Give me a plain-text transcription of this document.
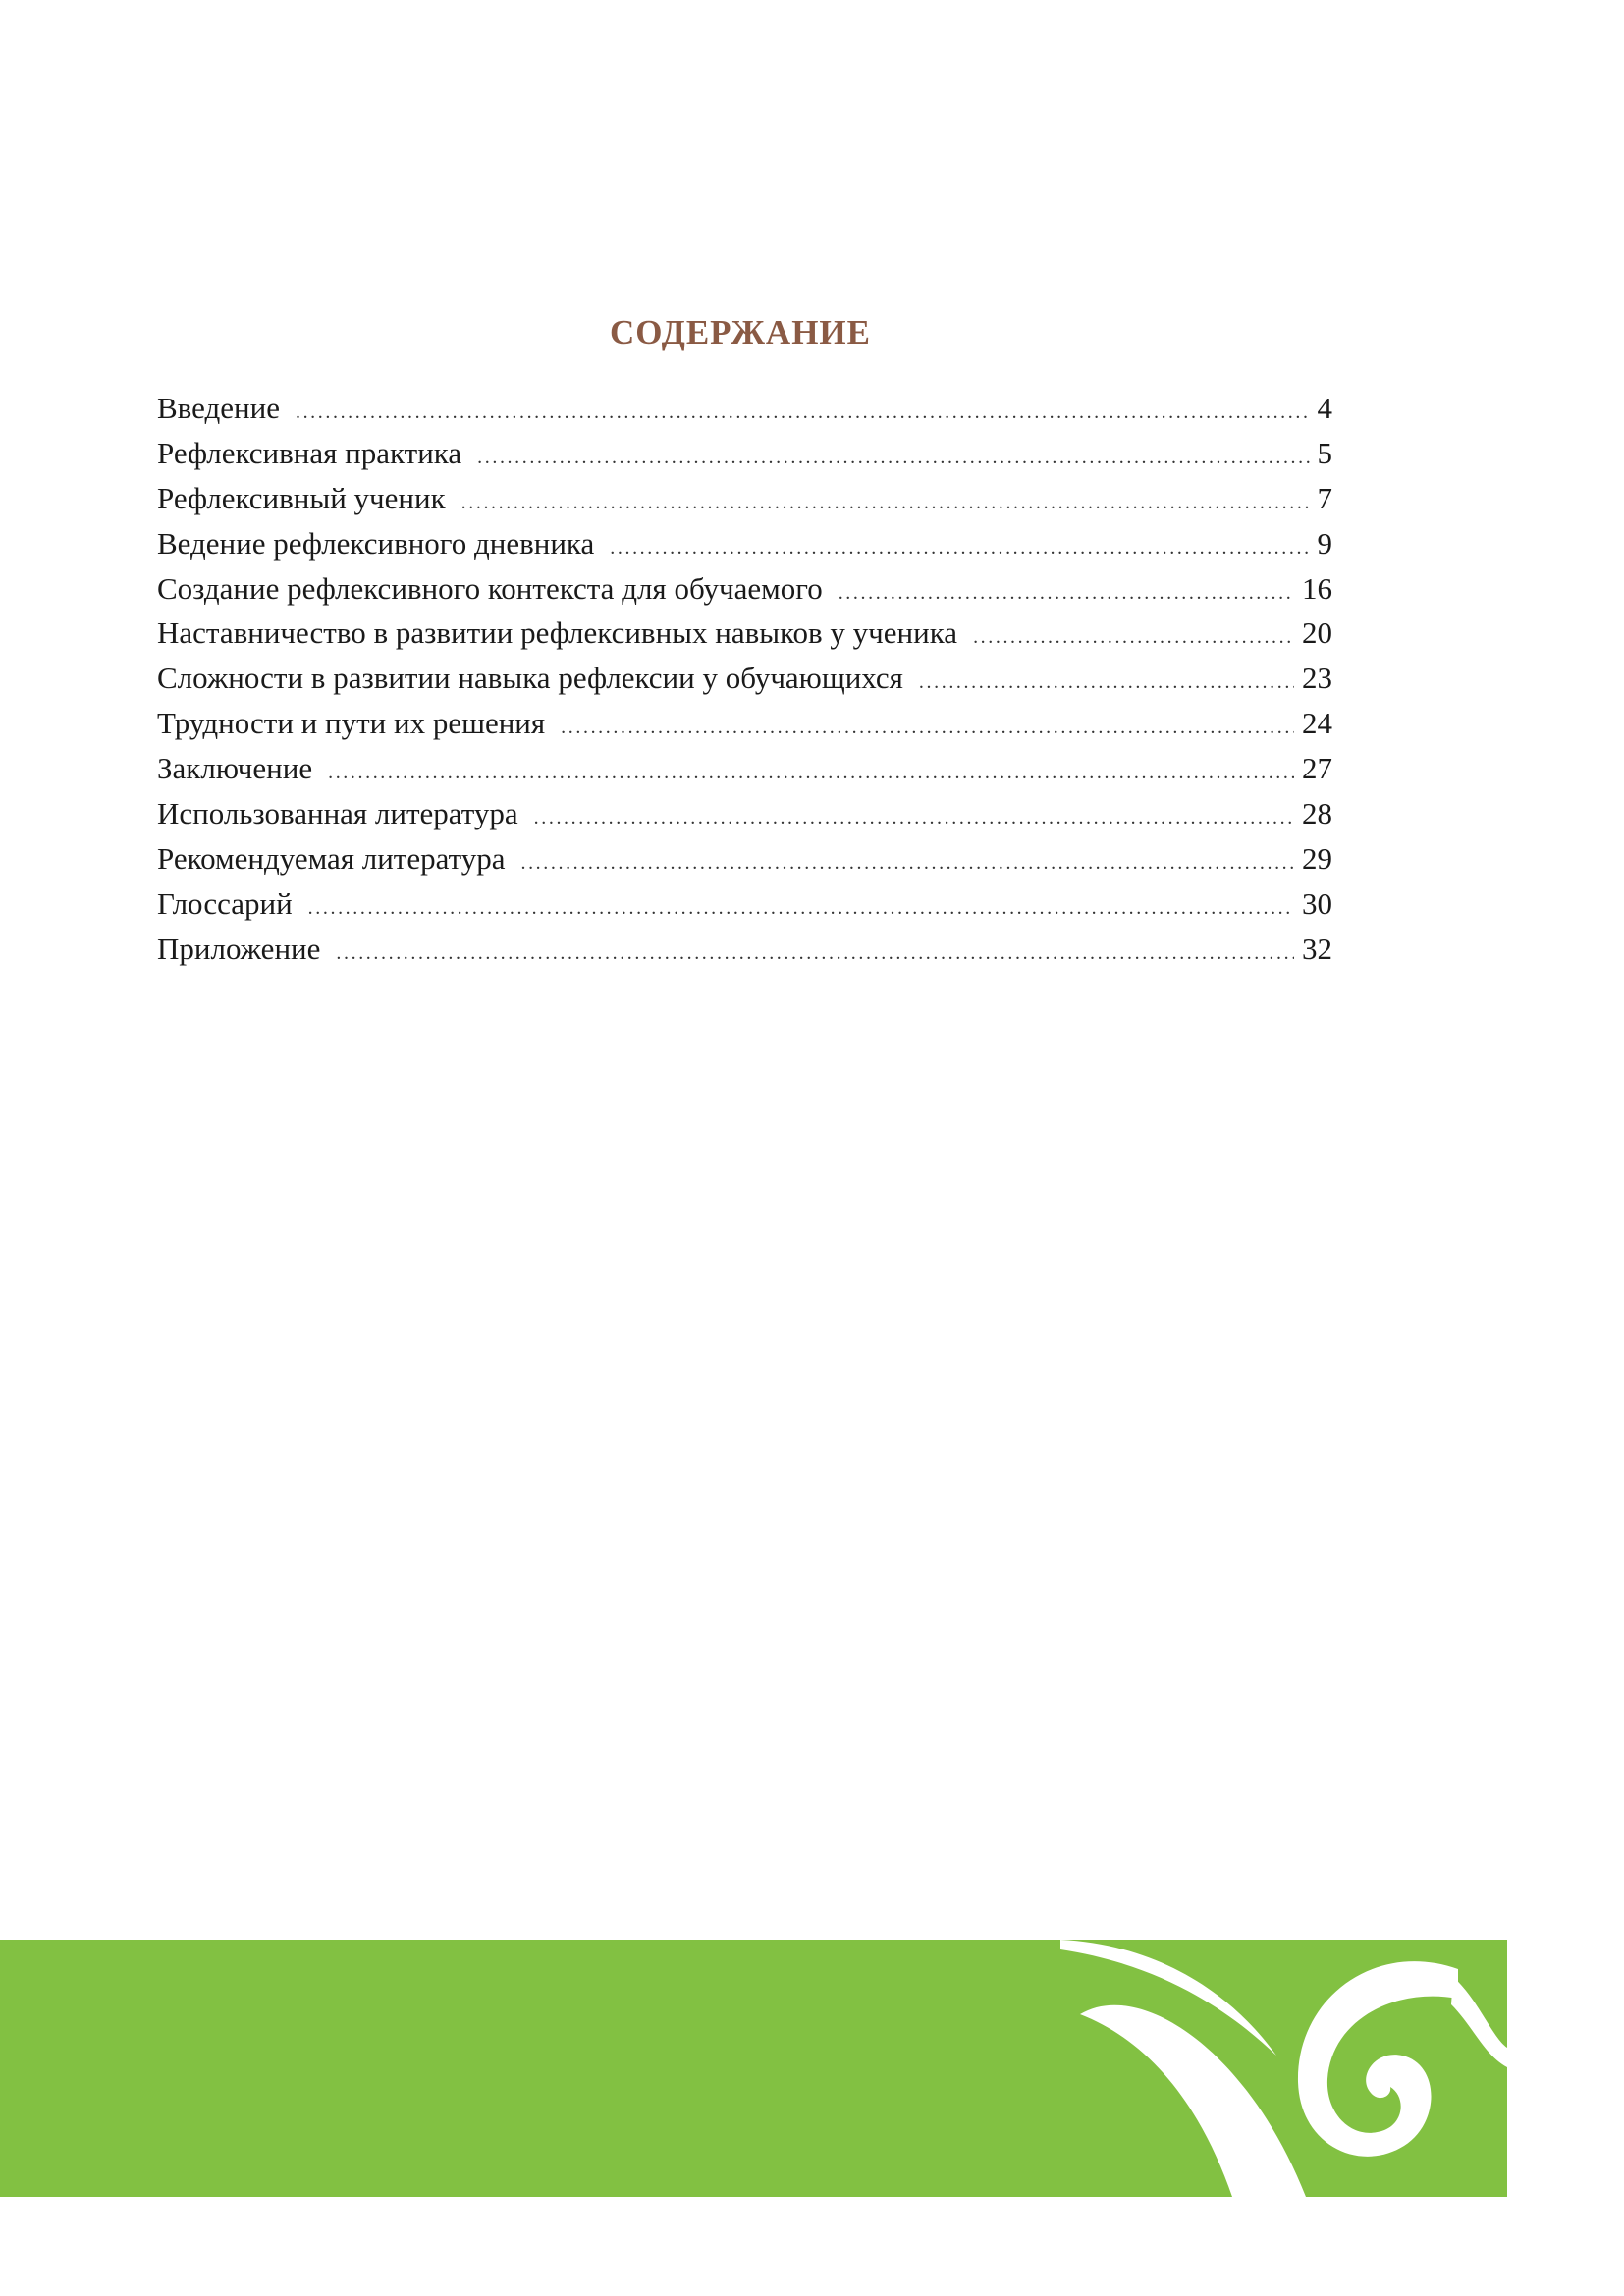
СОДЕРЖАНИЕ
Введение .....	4
Рефлексивная практика .....	5
Рефлексивный ученик .....	7
Ведение рефлексивного дневника .....	9
Создание рефлексивного контекста для обучаемого .....	16
Наставничество в развитии рефлексивных навыков у ученика .....	20
Сложности в развитии навыка рефлексии у обучающихся .....	23
Трудности и пути их решения .....	24
Заключение .....	27
Использованная литература .....	28
Рекомендуемая литература .....	29
Глоссарий .....	30
Приложение .....	32
